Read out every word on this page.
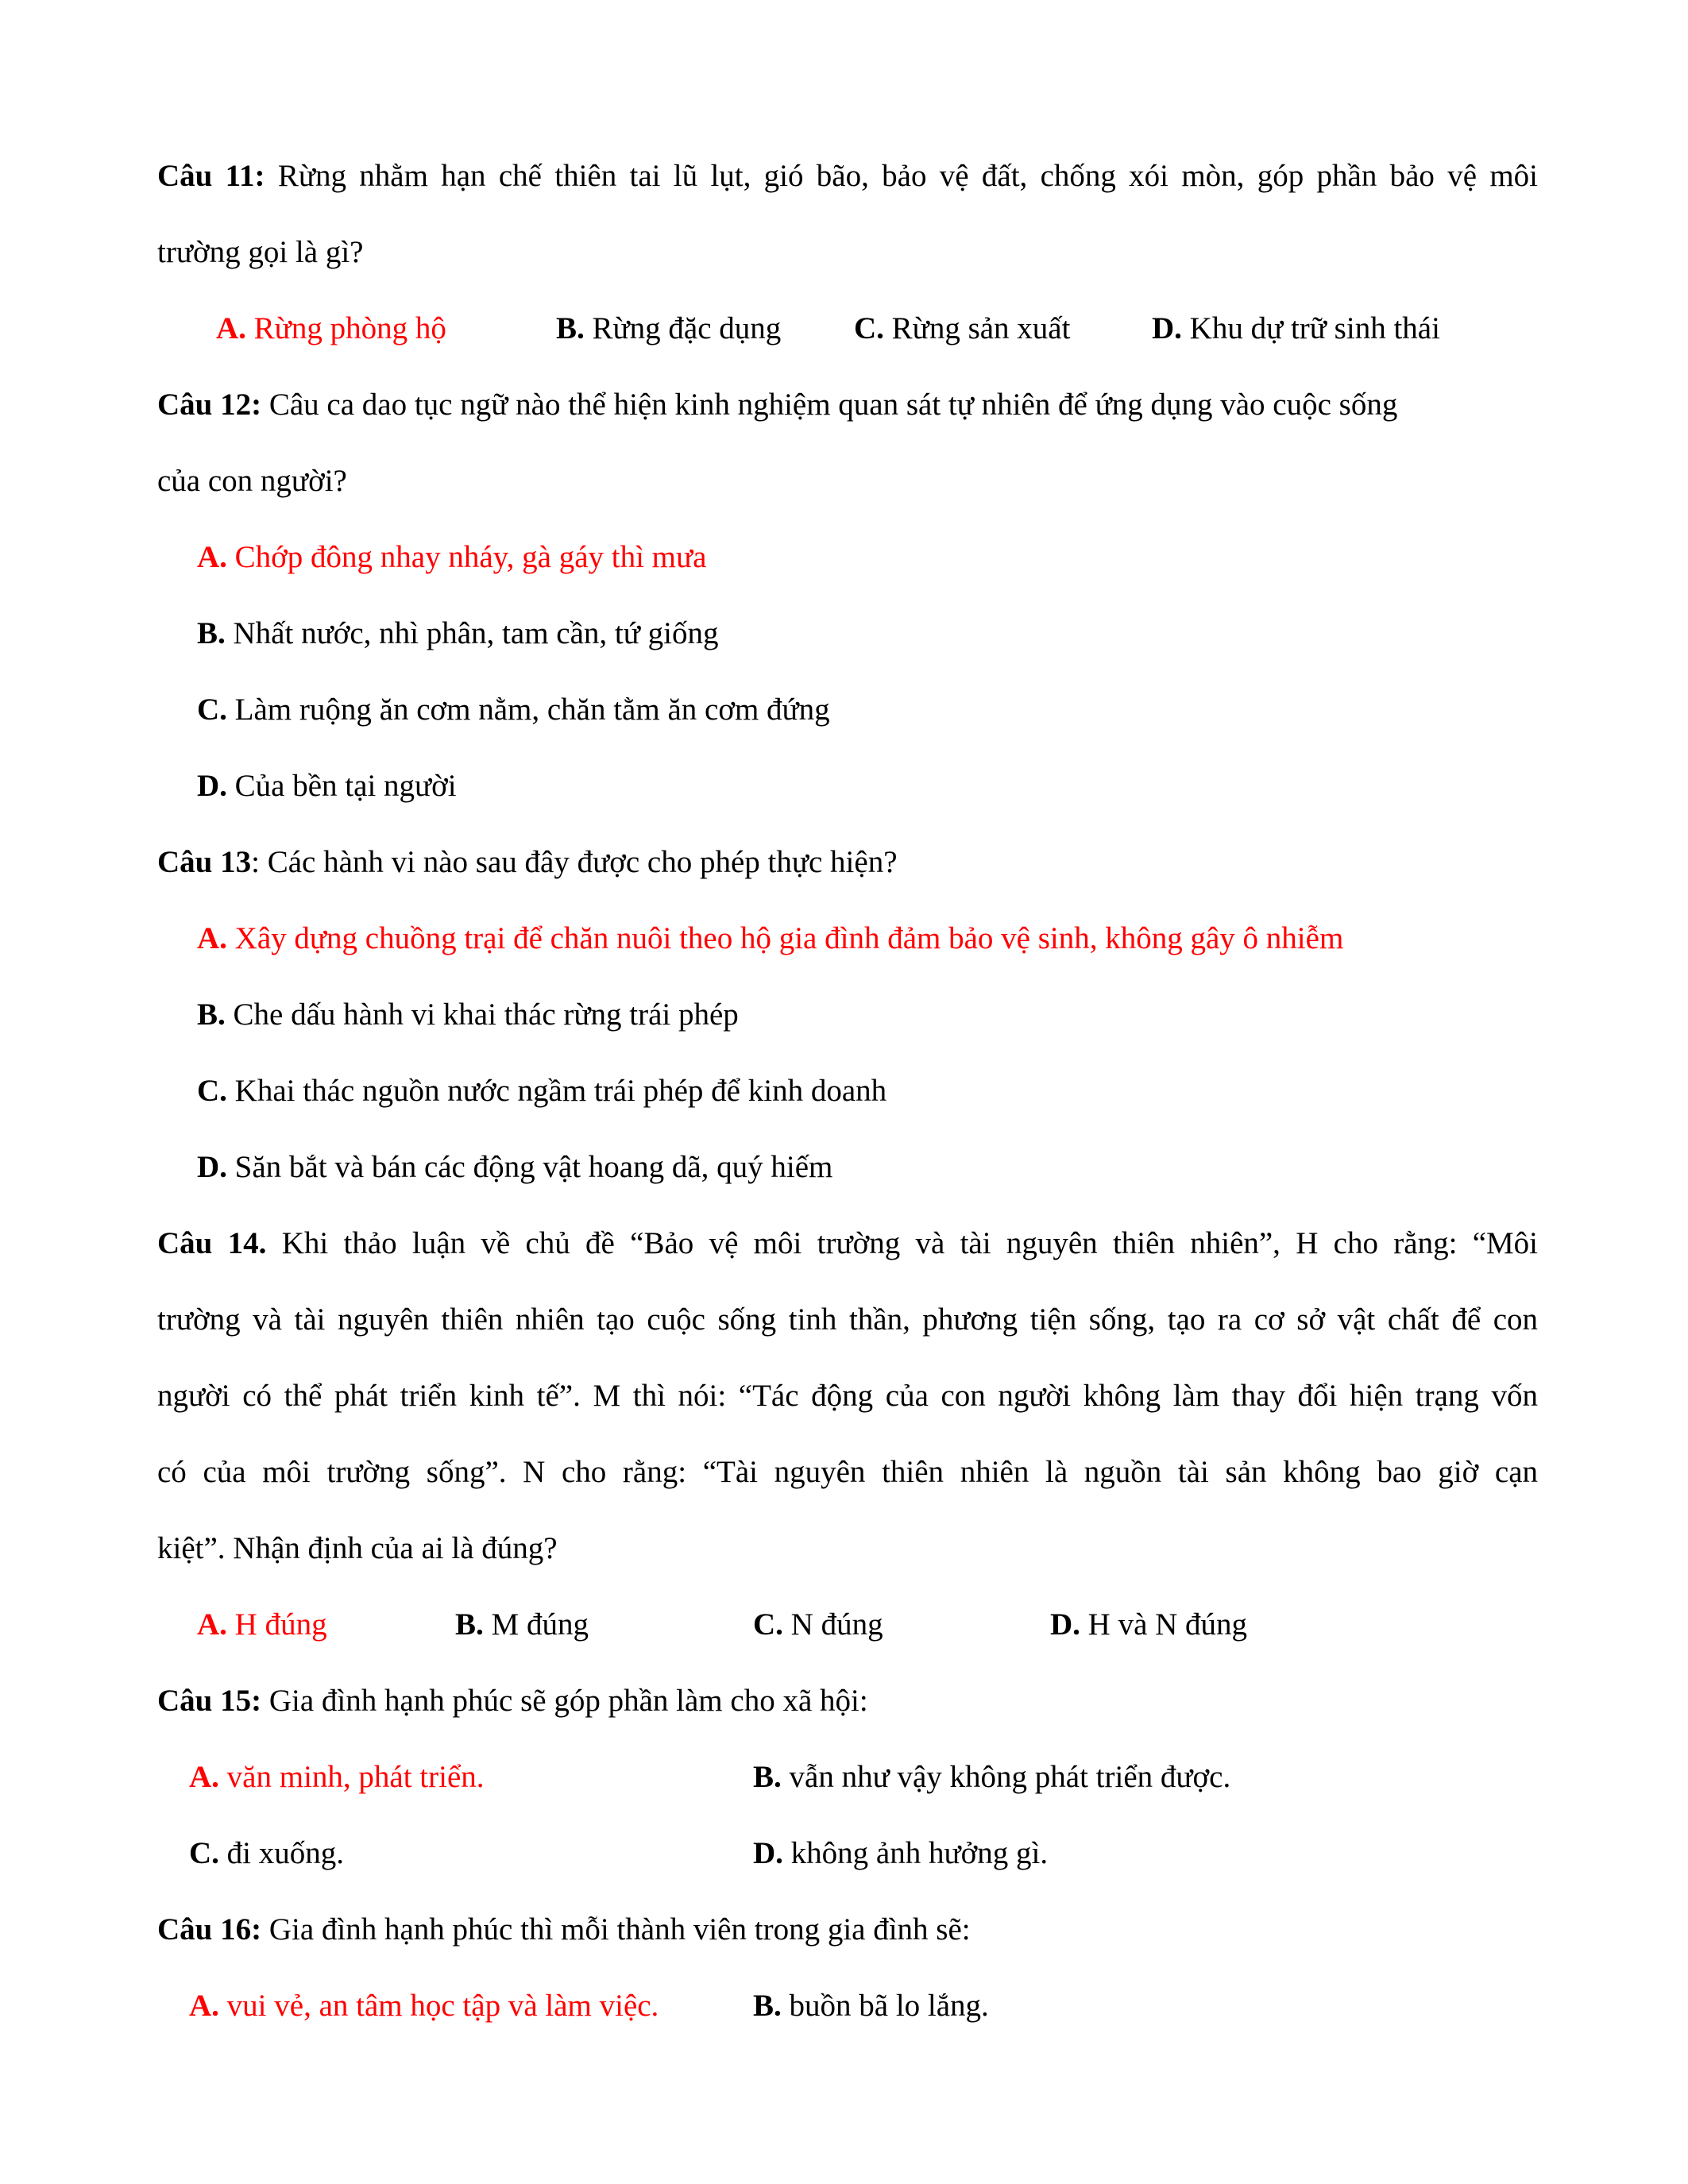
Câu 11: Rừng nhằm hạn chế thiên tai lũ lụt, gió bão, bảo vệ đất, chống xói mòn, góp phần bảo vệ môi
trường gọi là gì?
A. Rừng phòng hộ	B. Rừng đặc dụng C. Rừng sản xuất	D. Khu dự trữ sinh thái
Câu 12: Câu ca dao tục ngữ nào thể hiện kinh nghiệm quan sát tự nhiên để ứng dụng vào cuộc sống
của con người?
A. Chớp đông nhay nháy, gà gáy thì mưa
B. Nhất nước, nhì phân, tam cần, tứ giống
C. Làm ruộng ăn cơm nằm, chăn tằm ăn cơm đứng
D. Của bền tại người
Câu 13: Các hành vi nào sau đây được cho phép thực hiện?
A. Xây dựng chuồng trại để chăn nuôi theo hộ gia đình đảm bảo vệ sinh, không gây ô nhiễm
B. Che dấu hành vi khai thác rừng trái phép
C. Khai thác nguồn nước ngầm trái phép để kinh doanh
D. Săn bắt và bán các động vật hoang dã, quý hiếm
Câu 14. Khi thảo luận về chủ đề “Bảo vệ môi trường và tài nguyên thiên nhiên”, H cho rằng: “Môi
trường và tài nguyên thiên nhiên tạo cuộc sống tinh thần, phương tiện sống, tạo ra cơ sở vật chất để con
người có thể phát triển kinh tế”. M thì nói: “Tác động của con người không làm thay đổi hiện trạng vốn
có của môi trường sống”. N cho rằng: “Tài nguyên thiên nhiên là nguồn tài sản không bao giờ cạn
kiệt”. Nhận định của ai là đúng?
A. H đúng	B. M đúng	C. N đúng	D. H và N đúng
Câu 15: Gia đình hạnh phúc sẽ góp phần làm cho xã hội:
A. văn minh, phát triển.	B. vẫn như vậy không phát triển được.
C. đi xuống.	D. không ảnh hưởng gì.
Câu 16: Gia đình hạnh phúc thì mỗi thành viên trong gia đình sẽ:
A. vui vẻ, an tâm học tập và làm việc.	B. buồn bã lo lắng.
